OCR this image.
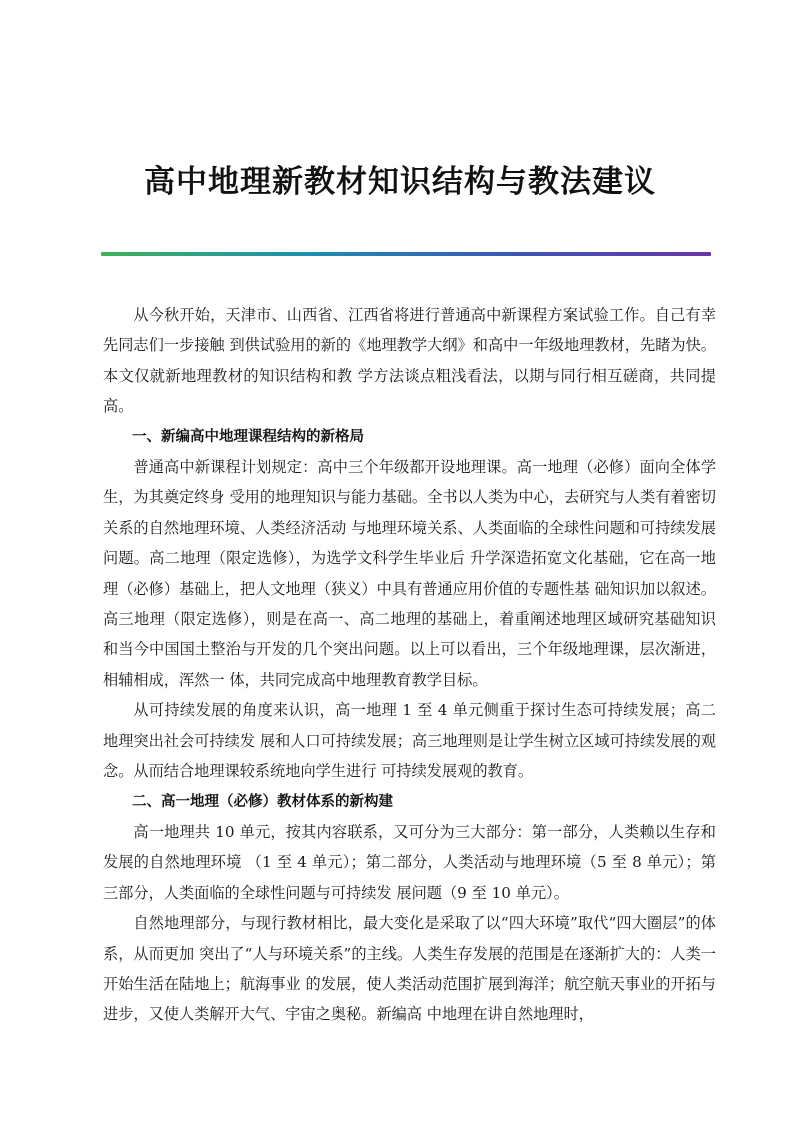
高中地理新教材知识结构与教法建议

从今秋开始，天津市、山西省、江西省将进行普通高中新课程方案试验工作。自己有幸先同志们一步接触 到供试验用的新的《地理教学大纲》和高中一年级地理教材，先睹为快。本文仅就新地理教材的知识结构和教 学方法谈点粗浅看法，以期与同行相互磋商，共同提高。

一、新编高中地理课程结构的新格局

普通高中新课程计划规定：高中三个年级都开设地理课。高一地理（必修）面向全体学生，为其奠定终身 受用的地理知识与能力基础。全书以人类为中心，去研究与人类有着密切关系的自然地理环境、人类经济活动 与地理环境关系、人类面临的全球性问题和可持续发展问题。高二地理（限定选修），为选学文科学生毕业后 升学深造拓宽文化基础，它在高一地理（必修）基础上，把人文地理（狭义）中具有普通应用价值的专题性基 础知识加以叙述。高三地理（限定选修），则是在高一、高二地理的基础上，着重阐述地理区域研究基础知识 和当今中国国土整治与开发的几个突出问题。以上可以看出，三个年级地理课，层次渐进，相辅相成，浑然一 体，共同完成高中地理教育教学目标。

从可持续发展的角度来认识，高一地理 1 至 4 单元侧重于探讨生态可持续发展；高二地理突出社会可持续发 展和人口可持续发展；高三地理则是让学生树立区域可持续发展的观念。从而结合地理课较系统地向学生进行 可持续发展观的教育。

二、高一地理（必修）教材体系的新构建

高一地理共 10 单元，按其内容联系，又可分为三大部分：第一部分，人类赖以生存和发展的自然地理环境 （1 至 4 单元）；第二部分，人类活动与地理环境（5 至 8 单元）；第三部分，人类面临的全球性问题与可持续发 展问题（9 至 10 单元）。

自然地理部分，与现行教材相比，最大变化是采取了以“四大环境”取代“四大圈层”的体系，从而更加 突出了“人与环境关系”的主线。人类生存发展的范围是在逐渐扩大的：人类一开始生活在陆地上；航海事业 的发展，使人类活动范围扩展到海洋；航空航天事业的开拓与进步，又使人类解开大气、宇宙之奥秘。新编高 中地理在讲自然地理时，
